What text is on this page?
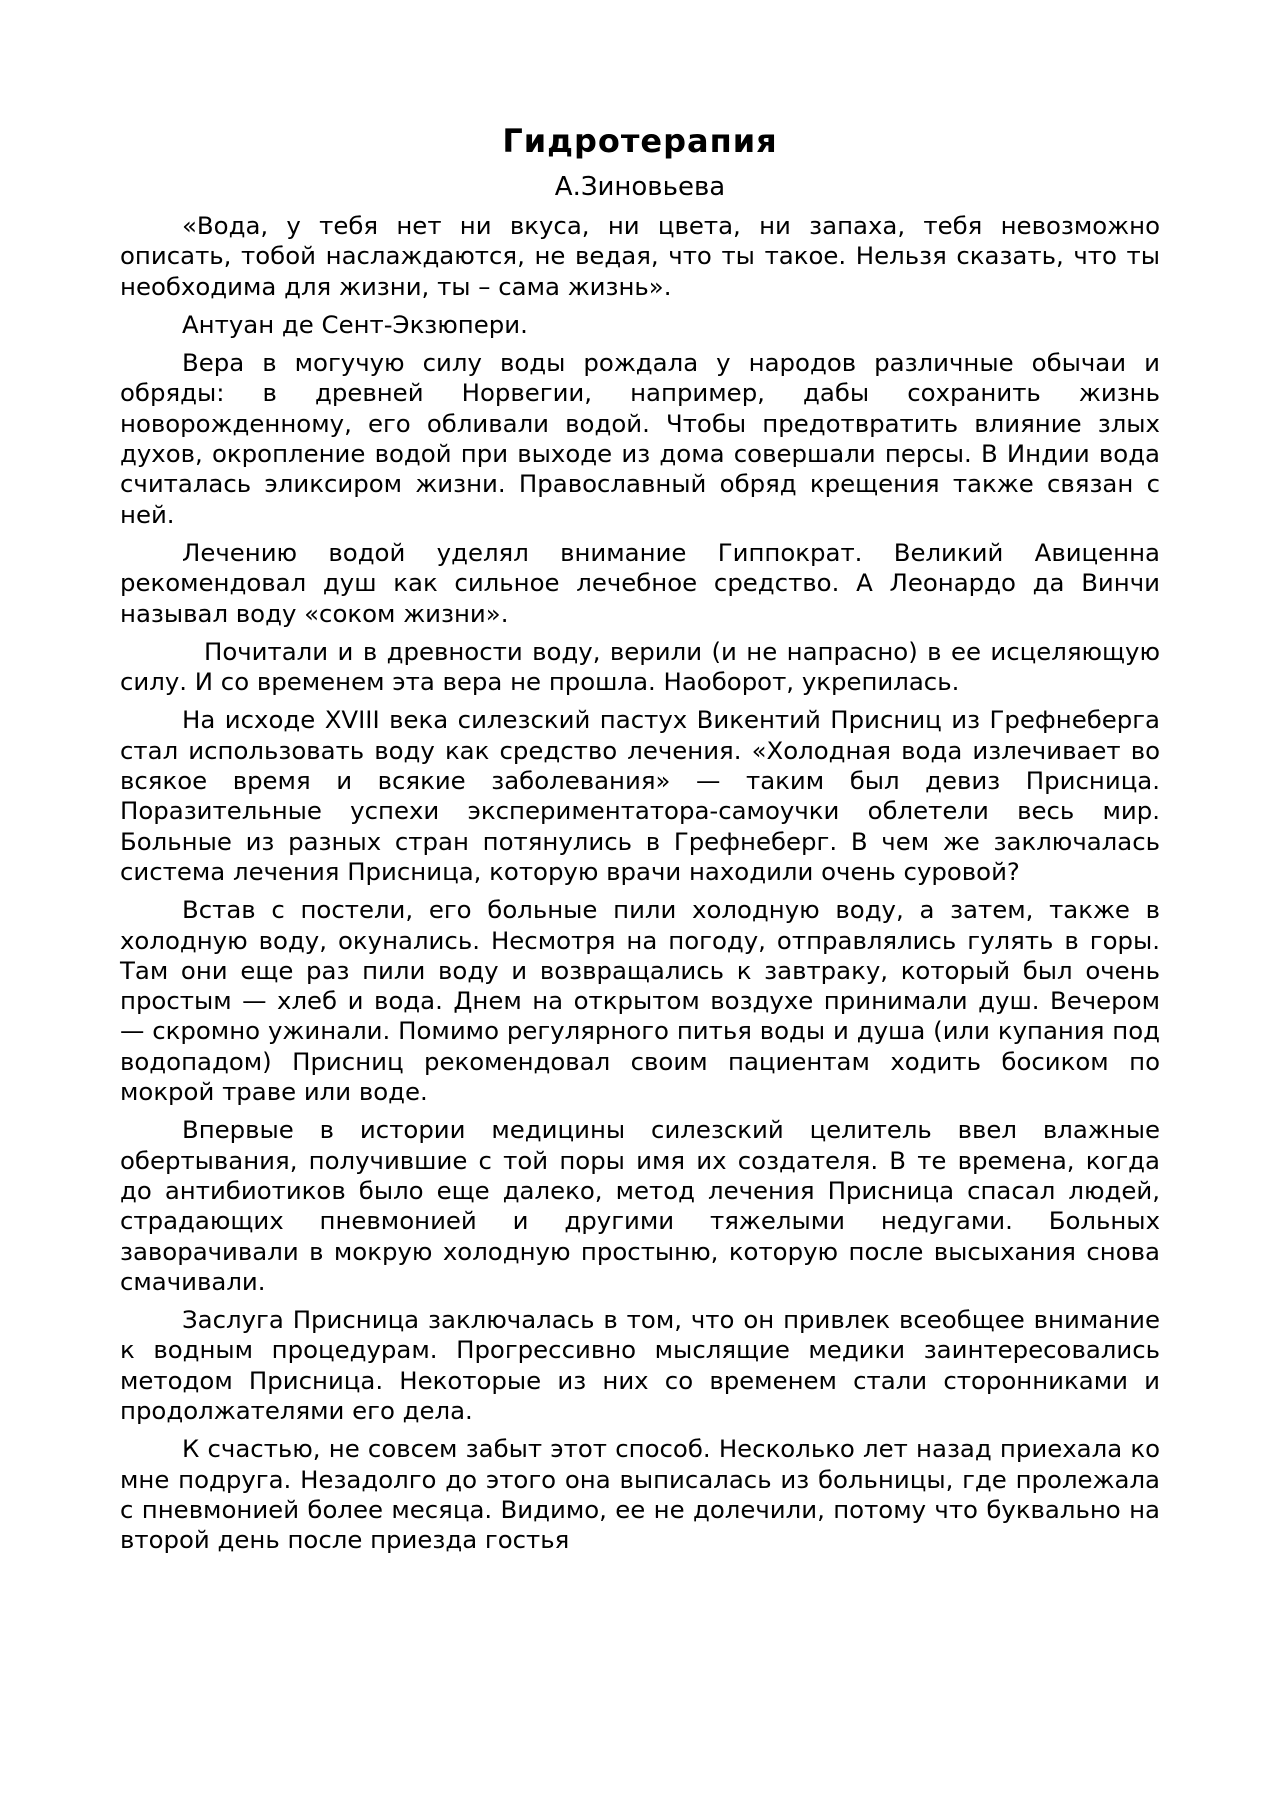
Гидротерапия
А.Зиновьева

«Вода, у тебя нет ни вкуса, ни цвета, ни запаха, тебя невозможно описать, тобой наслаждаются, не ведая, что ты такое. Нельзя сказать, что ты необходима для жизни, ты – сама жизнь».

Антуан де Сент-Экзюпери.

Вера в могучую силу воды рождала у народов различные обычаи и обряды: в древней Норвегии, например, дабы сохранить жизнь новорожденному, его обливали водой. Чтобы предотвратить влияние злых духов, окропление водой при выходе из дома совершали персы. В Индии вода считалась эликсиром жизни. Православный обряд крещения также связан с ней.

Лечению водой уделял внимание Гиппократ. Великий Авиценна рекомендовал душ как сильное лечебное средство. А Леонардо да Винчи называл воду «соком жизни».

Почитали и в древности воду, верили (и не напрасно) в ее исцеляющую силу. И со временем эта вера не прошла. Наоборот, укрепилась.

На исходе XVIII века силезский пастух Викентий Присниц из Грефнеберга стал использовать воду как средство лечения. «Холодная вода излечивает во всякое время и всякие заболевания» — таким был девиз Присница. Поразительные успехи экспериментатора-самоучки облетели весь мир. Больные из разных стран потянулись в Грефнеберг. В чем же заключалась система лечения Присница, которую врачи находили очень суровой?

Встав с постели, его больные пили холодную воду, а затем, также в холодную воду, окунались. Несмотря на погоду, отправлялись гулять в горы. Там они еще раз пили воду и возвращались к завтраку, который был очень простым — хлеб и вода. Днем на открытом воздухе принимали душ. Вечером — скромно ужинали. Помимо регулярного питья воды и душа (или купания под водопадом) Присниц рекомендовал своим пациентам ходить босиком по мокрой траве или воде.

Впервые в истории медицины силезский целитель ввел влажные обертывания, получившие с той поры имя их создателя. В те времена, когда до антибиотиков было еще далеко, метод лечения Присница спасал людей, страдающих пневмонией и другими тяжелыми недугами. Больных заворачивали в мокрую холодную простыню, которую после высыхания снова смачивали.

Заслуга Присница заключалась в том, что он привлек всеобщее внимание к водным процедурам. Прогрессивно мыслящие медики заинтересовались методом Присница. Некоторые из них со временем стали сторонниками и продолжателями его дела.

К счастью, не совсем забыт этот способ. Несколько лет назад приехала ко мне подруга. Незадолго до этого она выписалась из больницы, где пролежала с пневмонией более месяца. Видимо, ее не долечили, потому что буквально на второй день после приезда гостья
